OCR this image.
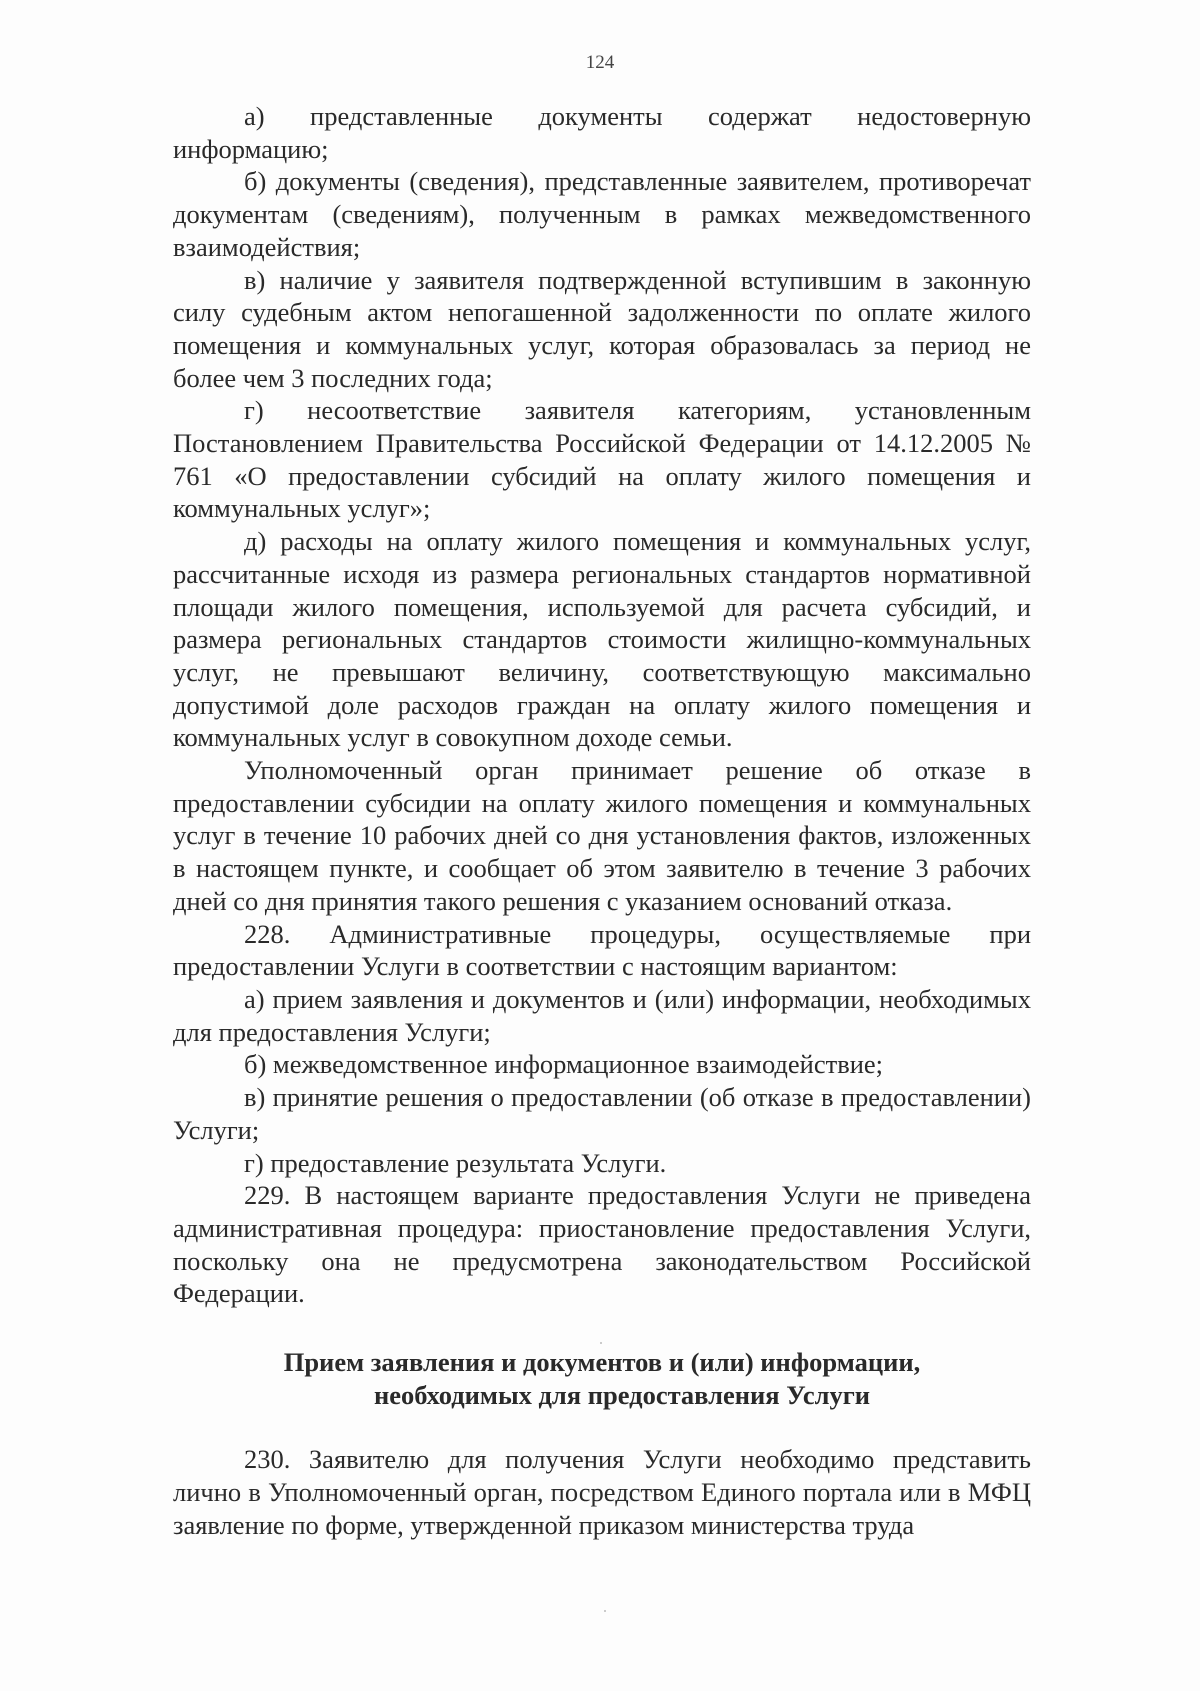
124

а) представленные документы содержат недостоверную информацию;

б) документы (сведения), представленные заявителем, противоречат документам (сведениям), полученным в рамках межведомственного взаимодействия;

в) наличие у заявителя подтвержденной вступившим в законную силу судебным актом непогашенной задолженности по оплате жилого помещения и коммунальных услуг, которая образовалась за период не более чем 3 последних года;

г) несоответствие заявителя категориям, установленным Постановлением Правительства Российской Федерации от 14.12.2005 № 761 «О предоставлении субсидий на оплату жилого помещения и коммунальных услуг»;

д) расходы на оплату жилого помещения и коммунальных услуг, рассчитанные исходя из размера региональных стандартов нормативной площади жилого помещения, используемой для расчета субсидий, и размера региональных стандартов стоимости жилищно-коммунальных услуг, не превышают величину, соответствующую максимально допустимой доле расходов граждан на оплату жилого помещения и коммунальных услуг в совокупном доходе семьи.

Уполномоченный орган принимает решение об отказе в предоставлении субсидии на оплату жилого помещения и коммунальных услуг в течение 10 рабочих дней со дня установления фактов, изложенных в настоящем пункте, и сообщает об этом заявителю в течение 3 рабочих дней со дня принятия такого решения с указанием оснований отказа.

228. Административные процедуры, осуществляемые при предоставлении Услуги в соответствии с настоящим вариантом:

а) прием заявления и документов и (или) информации, необходимых для предоставления Услуги;

б) межведомственное информационное взаимодействие;

в) принятие решения о предоставлении (об отказе в предоставлении) Услуги;

г) предоставление результата Услуги.

229. В настоящем варианте предоставления Услуги не приведена административная процедура: приостановление предоставления Услуги, поскольку она не предусмотрена законодательством Российской Федерации.

Прием заявления и документов и (или) информации,
необходимых для предоставления Услуги

230. Заявителю для получения Услуги необходимо представить лично в Уполномоченный орган, посредством Единого портала или в МФЦ заявление по форме, утвержденной приказом министерства труда
